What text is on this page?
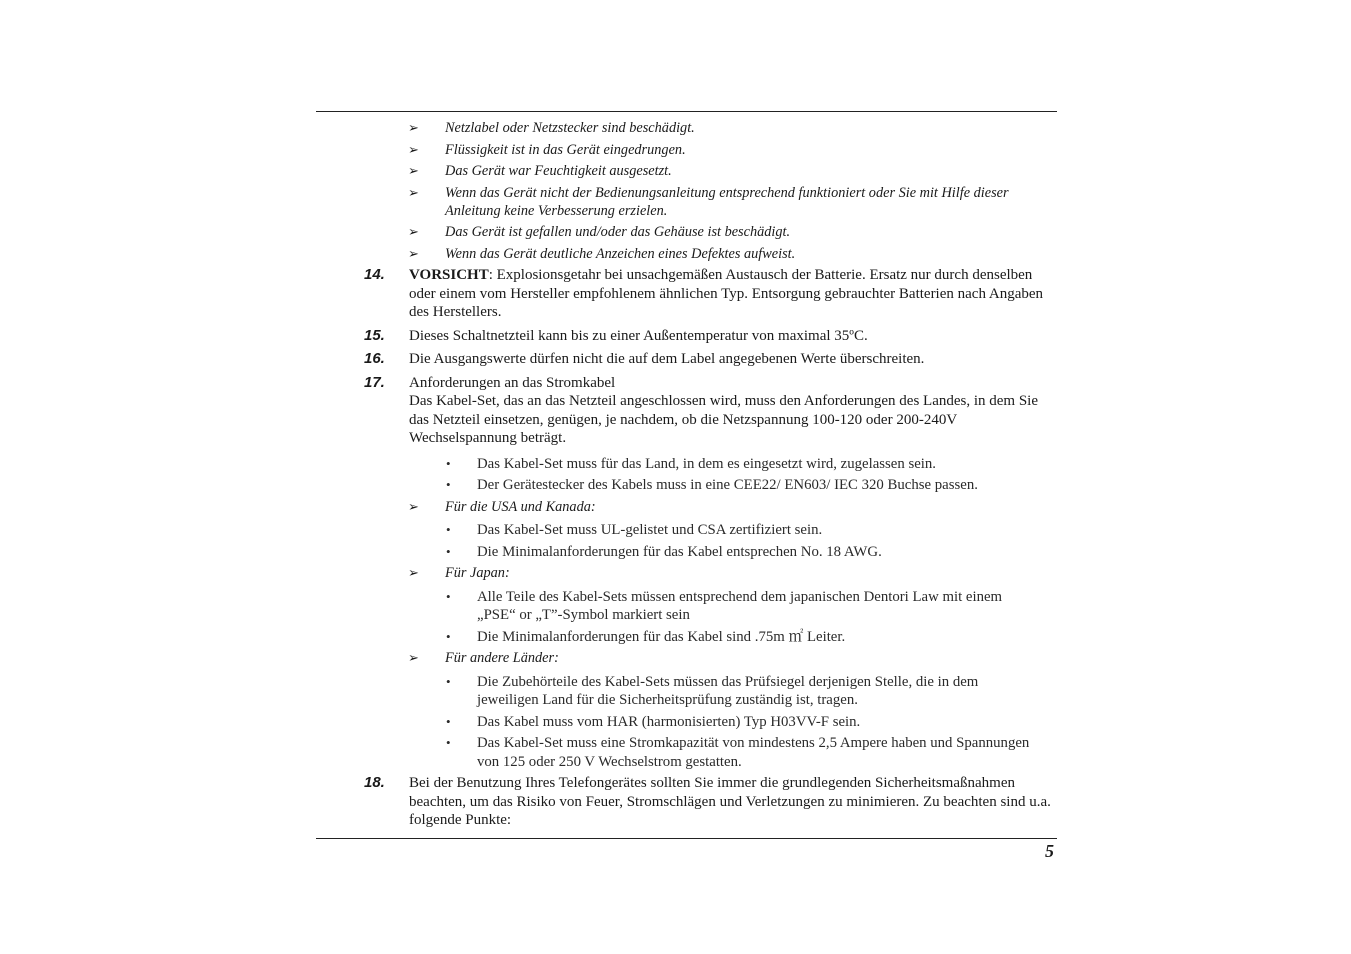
➢ Netzlabel oder Netzstecker sind beschädigt.
➢ Flüssigkeit ist in das Gerät eingedrungen.
➢ Das Gerät war Feuchtigkeit ausgesetzt.
➢ Wenn das Gerät nicht der Bedienungsanleitung entsprechend funktioniert oder Sie mit Hilfe dieser Anleitung keine Verbesserung erzielen.
➢ Das Gerät ist gefallen und/oder das Gehäuse ist beschädigt.
➢ Wenn das Gerät deutliche Anzeichen eines Defektes aufweist.
14. VORSICHT: Explosionsgetahr bei unsachgemäßen Austausch der Batterie. Ersatz nur durch denselben oder einem vom Hersteller empfohlenem ähnlichen Typ. Entsorgung gebrauchter Batterien nach Angaben des Herstellers.
15. Dieses Schaltnetzteil kann bis zu einer Außentemperatur von maximal 35ºC.
16. Die Ausgangswerte dürfen nicht die auf dem Label angegebenen Werte überschreiten.
17. Anforderungen an das Stromkabel
Das Kabel-Set, das an das Netzteil angeschlossen wird, muss den Anforderungen des Landes, in dem Sie das Netzteil einsetzen, genügen, je nachdem, ob die Netzspannung 100-120 oder 200-240V Wechselspannung beträgt.
• Das Kabel-Set muss für das Land, in dem es eingesetzt wird, zugelassen sein.
• Der Gerätestecker des Kabels muss in eine CEE22/ EN603/ IEC 320 Buchse passen.
➢ Für die USA und Kanada:
• Das Kabel-Set muss UL-gelistet und CSA zertifiziert sein.
• Die Minimalanforderungen für das Kabel entsprechen No. 18 AWG.
➢ Für Japan:
• Alle Teile des Kabel-Sets müssen entsprechend dem japanischen Dentori Law mit einem „PSE“ or „T”-Symbol markiert sein
• Die Minimalanforderungen für das Kabel sind .75m ㎡ Leiter.
➢ Für andere Länder:
• Die Zubehörteile des Kabel-Sets müssen das Prüfsiegel derjenigen Stelle, die in dem jeweiligen Land für die Sicherheitsprüfung zuständig ist, tragen.
• Das Kabel muss vom HAR (harmonisierten) Typ H03VV-F sein.
• Das Kabel-Set muss eine Stromkapazität von mindestens 2,5 Ampere haben und Spannungen von 125 oder 250 V Wechselstrom gestatten.
18. Bei der Benutzung Ihres Telefongerätes sollten Sie immer die grundlegenden Sicherheitsmaßnahmen beachten, um das Risiko von Feuer, Stromschlägen und Verletzungen zu minimieren. Zu beachten sind u.a. folgende Punkte:
5
